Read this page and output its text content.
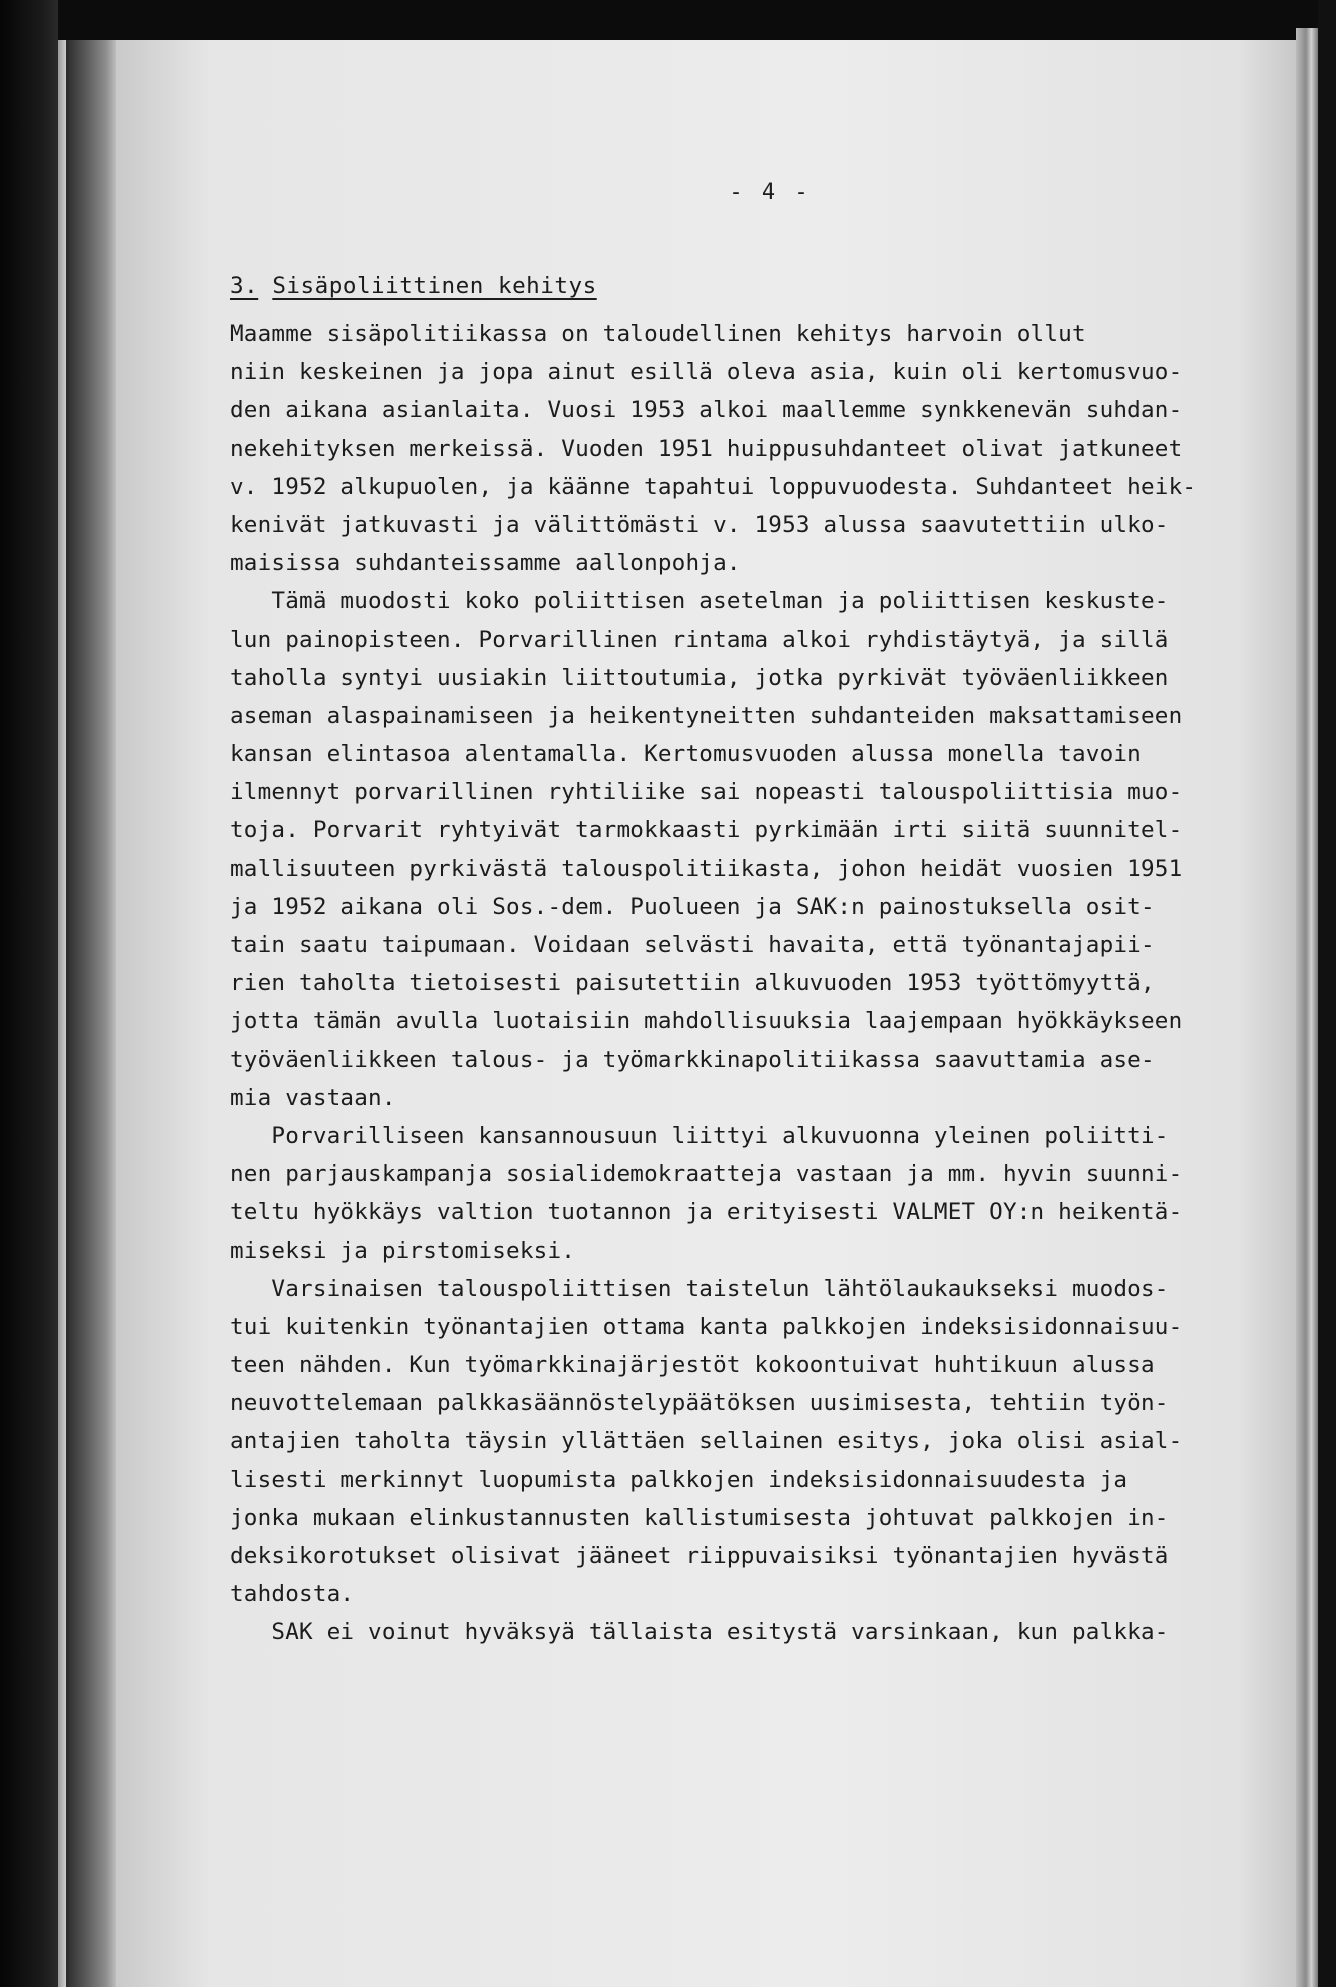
- 4 -
3. Sisäpoliittinen kehitys
Maamme sisäpolitiikassa on taloudellinen kehitys harvoin ollut
niin keskeinen ja jopa ainut esillä oleva asia, kuin oli kertomusvuo-
den aikana asianlaita. Vuosi 1953 alkoi maallemme synkkenevän suhdan-
nekehityksen merkeissä. Vuoden 1951 huippusuhdanteet olivat jatkuneet
v. 1952 alkupuolen, ja käänne tapahtui loppuvuodesta. Suhdanteet heik-
kenivät jatkuvasti ja välittömästi v. 1953 alussa saavutettiin ulko-
maisissa suhdanteissamme aallonpohja.
Tämä muodosti koko poliittisen asetelman ja poliittisen keskuste-
lun painopisteen. Porvarillinen rintama alkoi ryhdistäytyä, ja sillä
taholla syntyi uusiakin liittoutumia, jotka pyrkivät työväenliikkeen
aseman alaspainamiseen ja heikentyneitten suhdanteiden maksattamiseen
kansan elintasoa alentamalla. Kertomusvuoden alussa monella tavoin
ilmennyt porvarillinen ryhtiliike sai nopeasti talouspoliittisia muo-
toja. Porvarit ryhtyivät tarmokkaasti pyrkimään irti siitä suunnitel-
mallisuuteen pyrkivästä talouspolitiikasta, johon heidät vuosien 1951
ja 1952 aikana oli Sos.-dem. Puolueen ja SAK:n painostuksella osit-
tain saatu taipumaan. Voidaan selvästi havaita, että työnantajapii-
rien taholta tietoisesti paisutettiin alkuvuoden 1953 työttömyyttä,
jotta tämän avulla luotaisiin mahdollisuuksia laajempaan hyökkäykseen
työväenliikkeen talous- ja työmarkkinapolitiikassa saavuttamia ase-
mia vastaan.
Porvarilliseen kansannousuun liittyi alkuvuonna yleinen poliitti-
nen parjauskampanja sosialidemokraatteja vastaan ja mm. hyvin suunni-
teltu hyökkäys valtion tuotannon ja erityisesti VALMET OY:n heikentä-
miseksi ja pirstomiseksi.
Varsinaisen talouspoliittisen taistelun lähtölaukaukseksi muodos-
tui kuitenkin työnantajien ottama kanta palkkojen indeksisidonnaisuu-
teen nähden. Kun työmarkkinajärjestöt kokoontuivat huhtikuun alussa
neuvottelemaan palkkasäännöstelypäätöksen uusimisesta, tehtiin työn-
antajien taholta täysin yllättäen sellainen esitys, joka olisi asial-
lisesti merkinnyt luopumista palkkojen indeksisidonnaisuudesta ja
jonka mukaan elinkustannusten kallistumisesta johtuvat palkkojen in-
deksikorotukset olisivat jääneet riippuvaisiksi työnantajien hyvästä
tahdosta.
SAK ei voinut hyväksyä tällaista esitystä varsinkaan, kun palkka-
